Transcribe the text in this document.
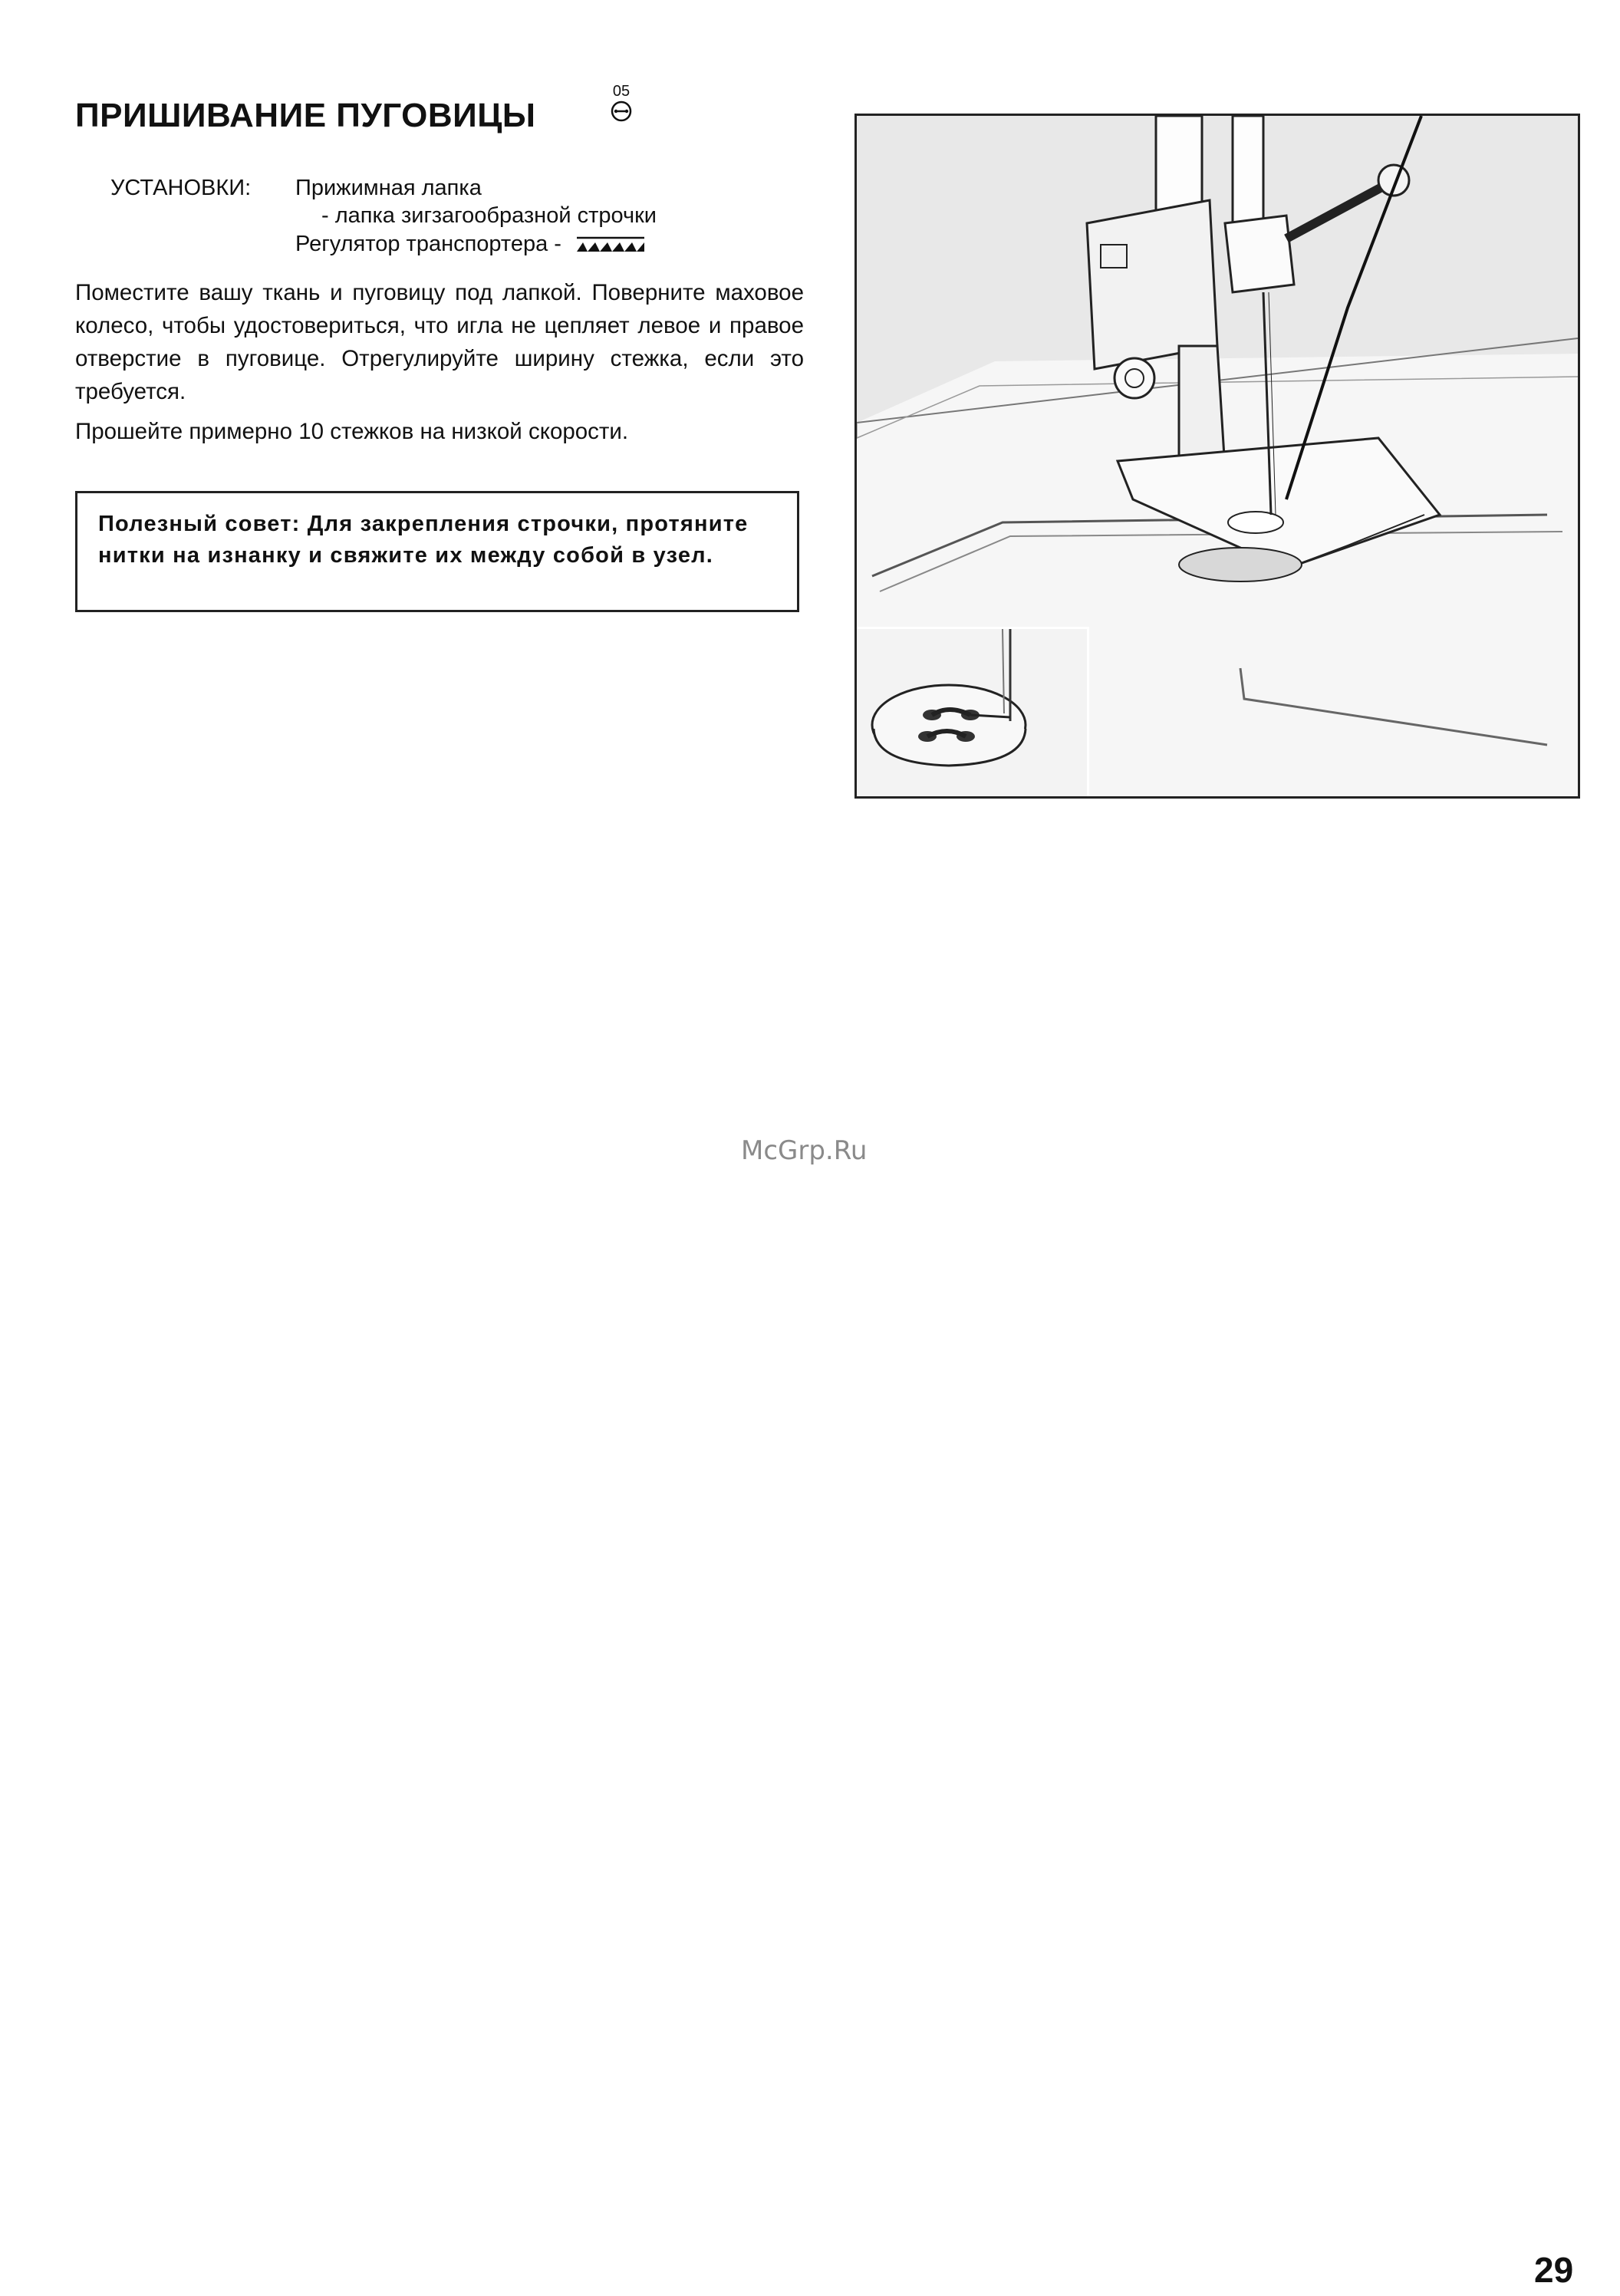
ПРИШИВАНИЕ ПУГОВИЦЫ
05
УСТАНОВКИ: Прижимная лапка
- лапка зигзагообразной строчки
Регулятор транспортера -

Поместите вашу ткань и пуговицу под лапкой. Поверните маховое колесо, чтобы удостовериться, что игла не цепляет левое и правое отверстие в пуговице. Отрегулируйте ширину стежка, если это требуется.

Прошейте примерно 10 стежков на низкой скорости.

Полезный совет: Для закрепления строчки, протяните нитки на изнанку и свяжите их между собой в узел.
McGrp.Ru
29
